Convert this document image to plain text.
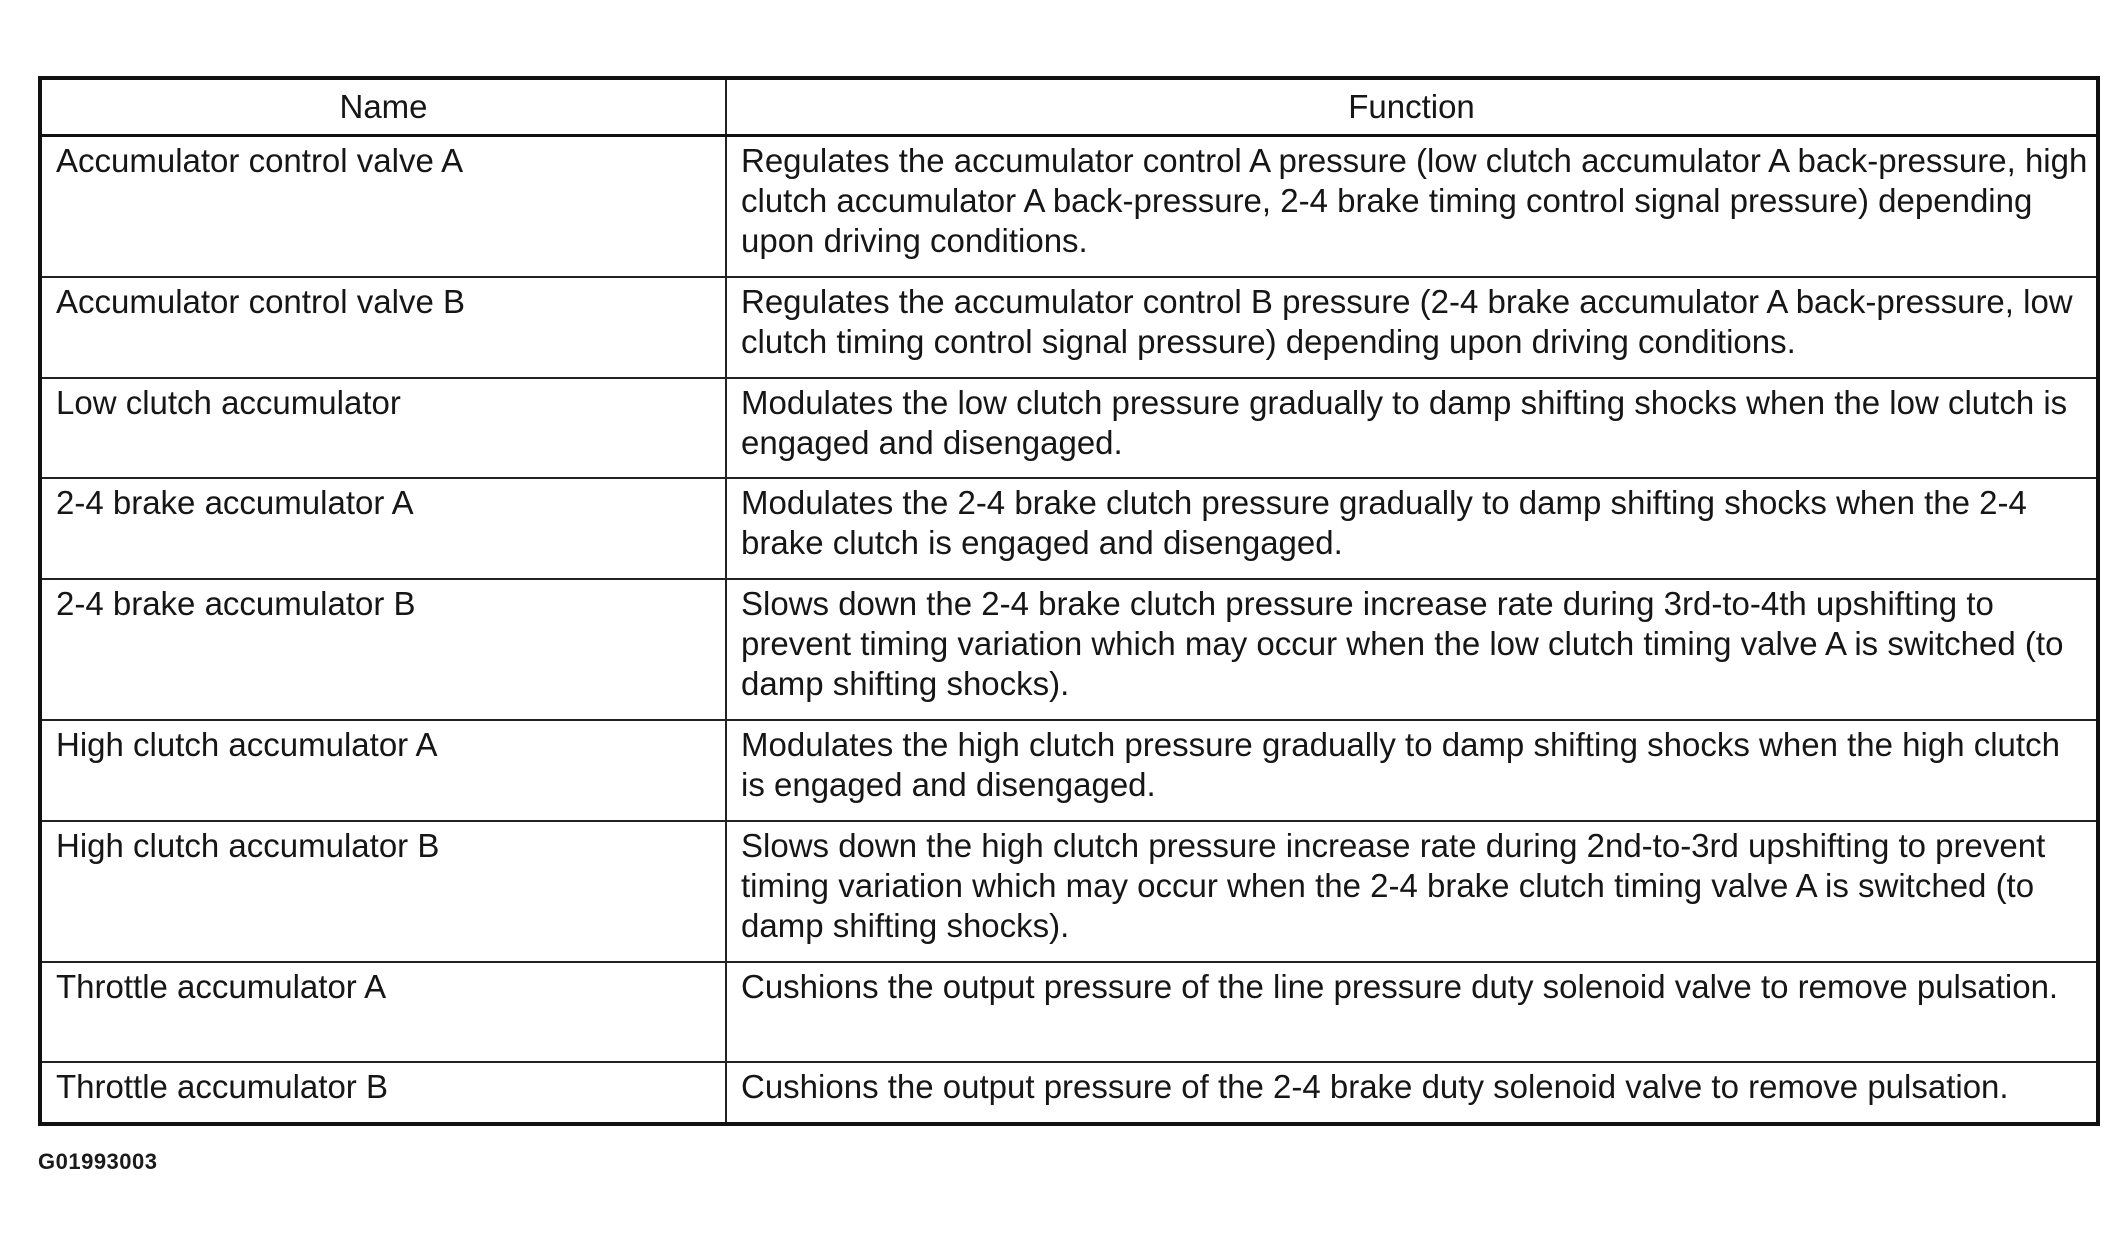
Name	Function
Accumulator control valve A	Regulates the accumulator control A pressure (low clutch accumulator A back-pressure, high clutch accumulator A back-pressure, 2-4 brake timing control signal pressure) depending upon driving conditions.
Accumulator control valve B	Regulates the accumulator control B pressure (2-4 brake accumulator A back-pressure, low clutch timing control signal pressure) depending upon driving conditions.
Low clutch accumulator	Modulates the low clutch pressure gradually to damp shifting shocks when the low clutch is engaged and disengaged.
2-4 brake accumulator A	Modulates the 2-4 brake clutch pressure gradually to damp shifting shocks when the 2-4 brake clutch is engaged and disengaged.
2-4 brake accumulator B	Slows down the 2-4 brake clutch pressure increase rate during 3rd-to-4th upshifting to prevent timing variation which may occur when the low clutch timing valve A is switched (to damp shifting shocks).
High clutch accumulator A	Modulates the high clutch pressure gradually to damp shifting shocks when the high clutch is engaged and disengaged.
High clutch accumulator B	Slows down the high clutch pressure increase rate during 2nd-to-3rd upshifting to prevent timing variation which may occur when the 2-4 brake clutch timing valve A is switched (to damp shifting shocks).
Throttle accumulator A	Cushions the output pressure of the line pressure duty solenoid valve to remove pulsation.
Throttle accumulator B	Cushions the output pressure of the 2-4 brake duty solenoid valve to remove pulsation.
G01993003
